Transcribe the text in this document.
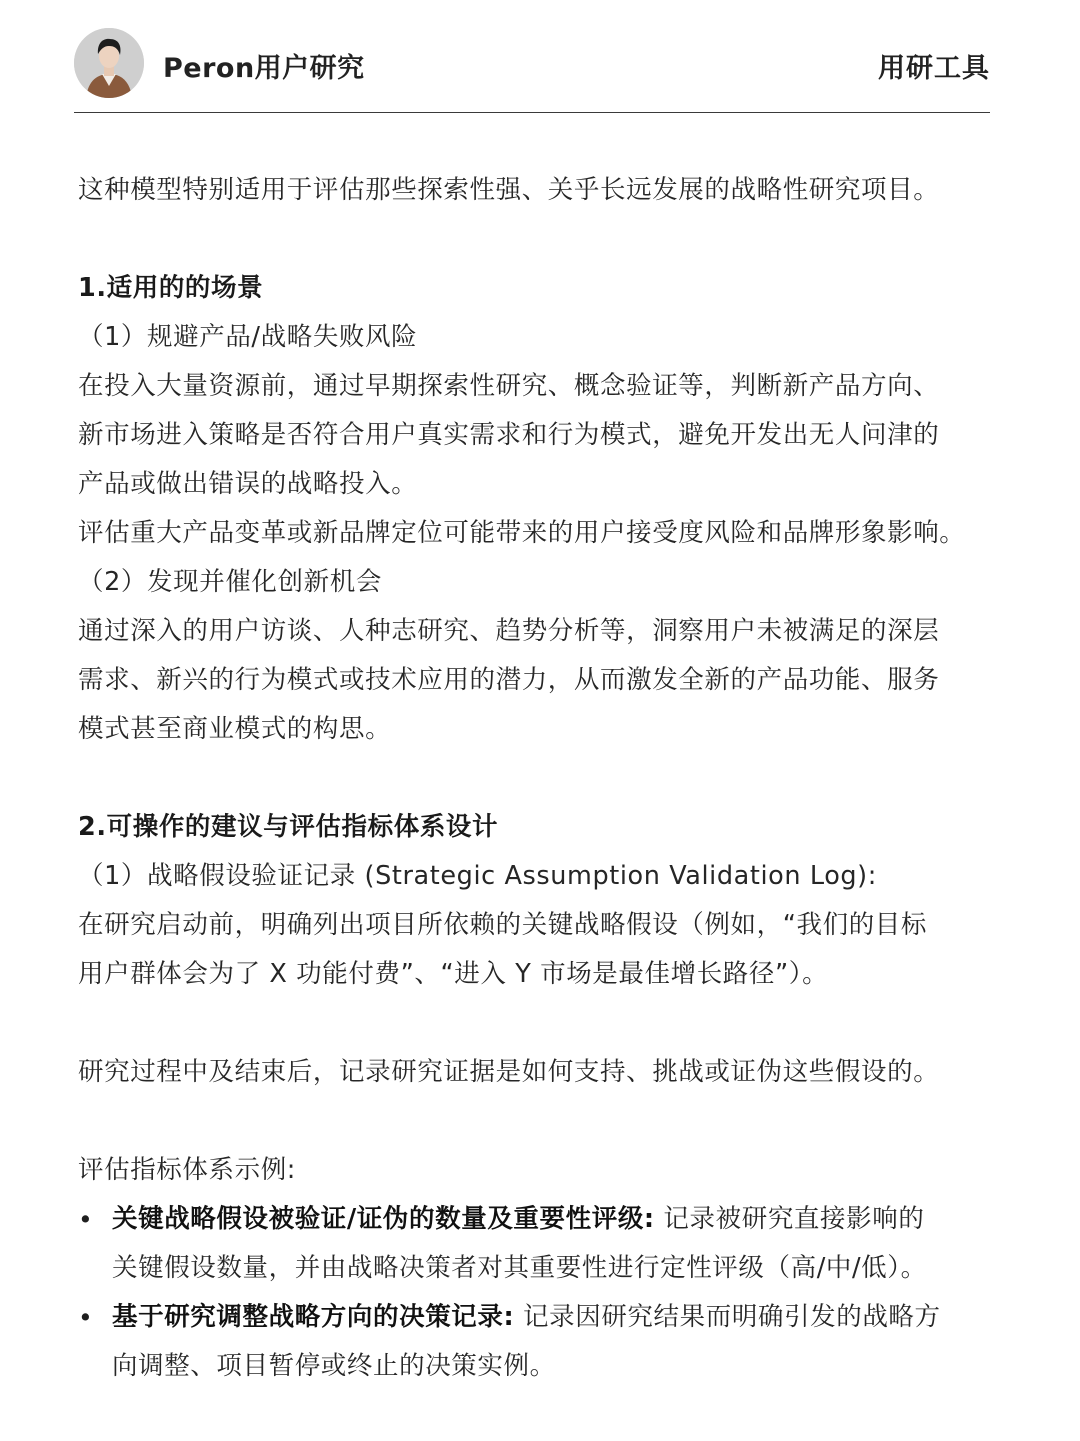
Peron用户研究	用研工具
这种模型特别适用于评估那些探索性强、关乎长远发展的战略性研究项目。
1.适用的的场景
（1）规避产品/战略失败风险
在投入大量资源前，通过早期探索性研究、概念验证等，判断新产品方向、
新市场进入策略是否符合用户真实需求和行为模式，避免开发出无人问津的
产品或做出错误的战略投入。
评估重大产品变革或新品牌定位可能带来的用户接受度风险和品牌形象影响。
（2）发现并催化创新机会
通过深入的用户访谈、人种志研究、趋势分析等，洞察用户未被满足的深层
需求、新兴的行为模式或技术应用的潜力，从而激发全新的产品功能、服务
模式甚至商业模式的构思。
2.可操作的建议与评估指标体系设计
（1）战略假设验证记录 (Strategic Assumption Validation Log):
在研究启动前，明确列出项目所依赖的关键战略假设（例如，“我们的目标
用户群体会为了 X 功能付费”、“进入 Y 市场是最佳增长路径”）。
研究过程中及结束后，记录研究证据是如何支持、挑战或证伪这些假设的。
评估指标体系示例:
• 关键战略假设被验证/证伪的数量及重要性评级: 记录被研究直接影响的
关键假设数量，并由战略决策者对其重要性进行定性评级（高/中/低）。
• 基于研究调整战略方向的决策记录: 记录因研究结果而明确引发的战略方
向调整、项目暂停或终止的决策实例。
